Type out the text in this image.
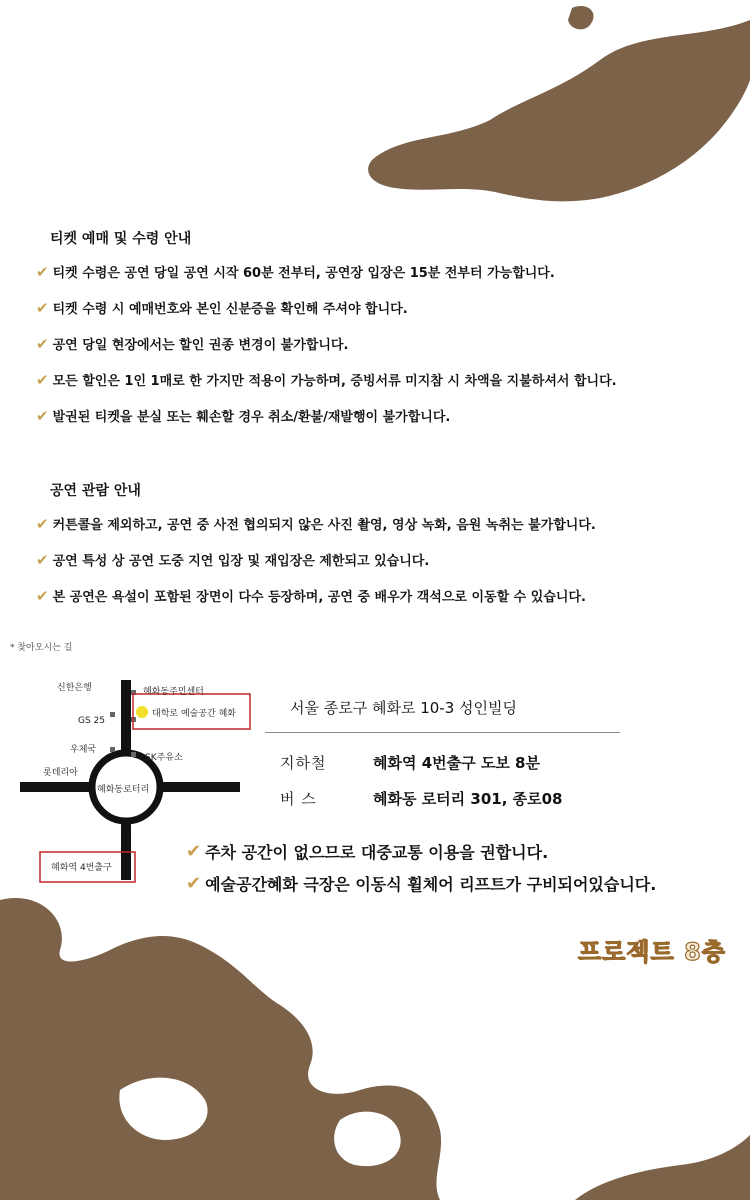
티켓 예매 및 수령 안내
✔ 티켓 수령은 공연 당일 공연 시작 60분 전부터, 공연장 입장은 15분 전부터 가능합니다.
✔ 티켓 수령 시 예매번호와 본인 신분증을 확인해 주셔야 합니다.
✔ 공연 당일 현장에서는 할인 권종 변경이 불가합니다.
✔ 모든 할인은 1인 1매로 한 가지만 적용이 가능하며, 증빙서류 미지참 시 차액을 지불하셔서 합니다.
✔ 발권된 티켓을 분실 또는 훼손할 경우 취소/환불/재발행이 불가합니다.
공연 관람 안내
✔ 커튼콜을 제외하고, 공연 중 사전 협의되지 않은 사진 촬영, 영상 녹화, 음원 녹취는 불가합니다.
✔ 공연 특성 상 공연 도중 지연 입장 및 재입장은 제한되고 있습니다.
✔ 본 공연은 욕설이 포함된 장면이 다수 등장하며, 공연 중 배우가 객석으로 이동할 수 있습니다.
* 찾아오시는 길
신한은행	혜화동주민센터
대학로 예술공간 혜화
GS 25
우체국
SK주유소
롯데리아
혜화동로터리
혜화역 4번출구
서울 종로구 혜화로 10-3 성인빌딩
지하철	혜화역 4번출구 도보 8분
버 스	혜화동 로터리 301, 종로08
✔ 주차 공간이 없으므로 대중교통 이용을 권합니다.
✔ 예술공간혜화 극장은 이동식 휠체어 리프트가 구비되어있습니다.
프로젝트 8층
